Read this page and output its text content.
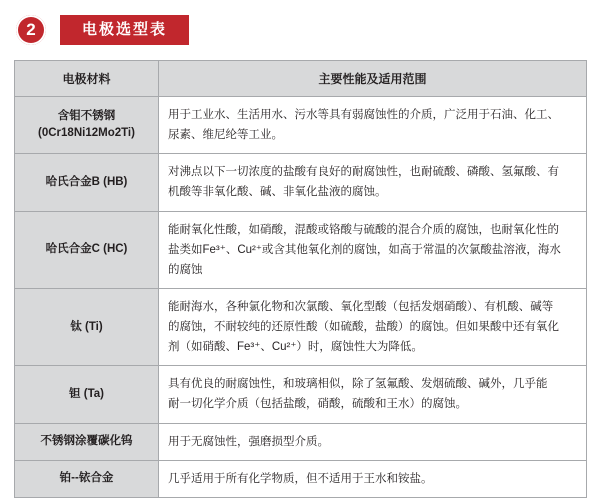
2	电极选型表
电极材料	主要性能及适用范围
含钼不锈钢 (0Cr18Ni12Mo2Ti)	用于工业水、生活用水、污水等具有弱腐蚀性的介质，广泛用于石油、化工、
尿素、维尼纶等工业。

哈氏合金B (HB)	对沸点以下一切浓度的盐酸有良好的耐腐蚀性，也耐硫酸、磷酸、氢氟酸、有
机酸等非氧化酸、碱、非氧化盐液的腐蚀。

哈氏合金C (HC)	能耐氧化性酸，如硝酸，混酸或铬酸与硫酸的混合介质的腐蚀，也耐氧化性的
盐类如Fe³⁺、Cu²⁺或含其他氧化剂的腐蚀，如高于常温的次氯酸盐溶液，海水
的腐蚀

钛 (Ti)	能耐海水，各种氯化物和次氯酸、氧化型酸（包括发烟硝酸）、有机酸、碱等
的腐蚀，不耐较纯的还原性酸（如硫酸，盐酸）的腐蚀。但如果酸中还有氧化
剂（如硝酸、Fe³⁺、Cu²⁺）时，腐蚀性大为降低。

钽 (Ta)	具有优良的耐腐蚀性，和玻璃相似，除了氢氟酸、发烟硫酸、碱外，几乎能
耐一切化学介质（包括盐酸，硝酸，硫酸和王水）的腐蚀。

不锈钢涂覆碳化钨	用于无腐蚀性，强磨损型介质。

铂--铱合金	几乎适用于所有化学物质，但不适用于王水和铵盐。
